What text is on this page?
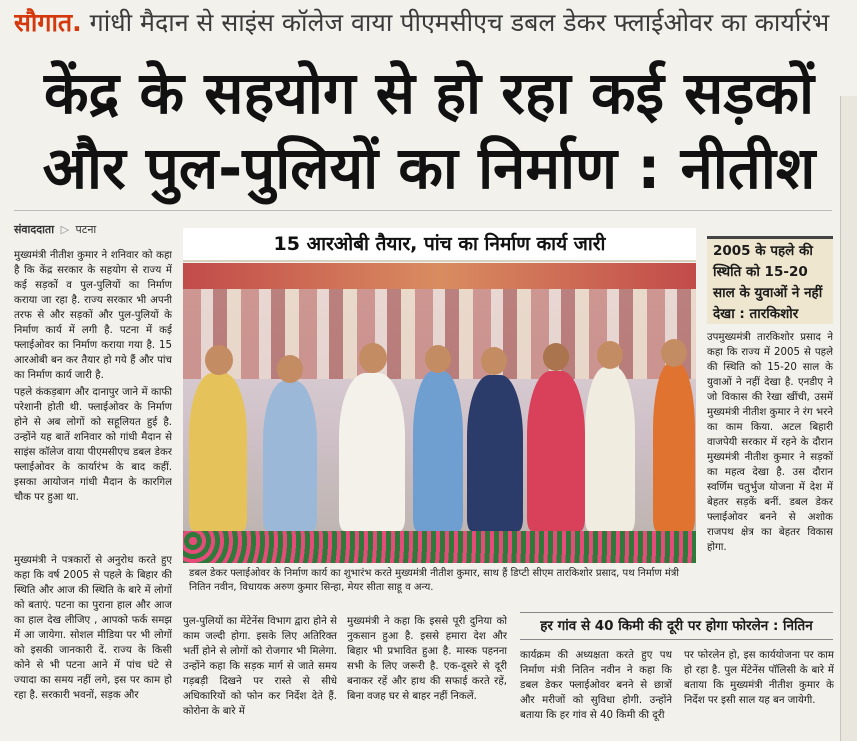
सौगात. गांधी मैदान से साइंस कॉलेज वाया पीएमसीएच डबल डेकर फ्लाईओवर का कार्यारंभ
केंद्र के सहयोग से हो रहा कई सड़कों
और पुल-पुलियों का निर्माण : नीतीश
संवाददाता ▷ पटना

मुख्यमंत्री नीतीश कुमार ने शनिवार को कहा है कि केंद्र सरकार के सहयोग से राज्य में कई सड़कों व पुल-पुलियों का निर्माण कराया जा रहा है. राज्य सरकार भी अपनी तरफ से और सड़कों और पुल-पुलियों के निर्माण कार्य में लगी है. पटना में कई फ्लाईओवर का निर्माण कराया गया है. 15 आरओबी बन कर तैयार हो गये हैं और पांच का निर्माण कार्य जारी है.

पहले कंकड़बाग और दानापुर जाने में काफी परेशानी होती थी. फ्लाईओवर के निर्माण होने से अब लोगों को सहूलियत हुई है. उन्होंने यह बातें शनिवार को गांधी मैदान से साइंस कॉलेज वाया पीएमसीएच डबल डेकर फ्लाईओवर के कार्यारंभ के बाद कहीं. इसका आयोजन गांधी मैदान के कारगिल चौक पर हुआ था.

मुख्यमंत्री ने पत्रकारों से अनुरोध करते हुए कहा कि वर्ष 2005 से पहले के बिहार की स्थिति और आज की स्थिति के बारे में लोगों को बताएं. पटना का पुराना हाल और आज का हाल देख लीजिए , आपको फर्क समझ में आ जायेगा. सोशल मीडिया पर भी लोगों को इसकी जानकारी दें. राज्य के किसी कोने से भी पटना आने में पांच घंटे से ज्यादा का समय नहीं लगे, इस पर काम हो रहा है. सरकारी भवनों, सड़क और

15 आरओबी तैयार, पांच का निर्माण कार्य जारी
डबल डेकर फ्लाईओवर के निर्माण कार्य का शुभारंभ करते मुख्यमंत्री नीतीश कुमार, साथ हैं डिप्टी सीएम तारकिशोर प्रसाद, पथ निर्माण मंत्री नितिन नवीन, विधायक अरुण कुमार सिन्हा, मेयर सीता साहू व अन्य.
2005 के पहले की स्थिति को 15-20 साल के युवाओं ने नहीं देखा : तारकिशोर
उपमुख्यमंत्री तारकिशोर प्रसाद ने कहा कि राज्य में 2005 से पहले की स्थिति को 15-20 साल के युवाओं ने नहीं देखा है. एनडीए ने जो विकास की रेखा खींची, उसमें मुख्यमंत्री नीतीश कुमार ने रंग भरने का काम किया. अटल बिहारी वाजपेयी सरकार में रहने के दौरान मुख्यमंत्री नीतीश कुमार ने सड़कों का महत्व देखा है. उस दौरान स्वर्णिम चतुर्भुज योजना में देश में बेहतर सड़कें बनीं. डबल डेकर फ्लाईओवर बनने से अशोक राजपथ क्षेत्र का बेहतर विकास होगा.
पुल-पुलियों का मेंटेनेंस विभाग द्वारा होने से काम जल्दी होगा. इसके लिए अतिरिक्त भर्ती होने से लोगों को रोजगार भी मिलेगा. उन्होंने कहा कि सड़क मार्ग से जाते समय गड़बड़ी दिखने पर रास्ते से सीधे अधिकारियों को फोन कर निर्देश देते हैं. कोरोना के बारे में
मुख्यमंत्री ने कहा कि इससे पूरी दुनिया को नुकसान हुआ है. इससे हमारा देश और बिहार भी प्रभावित हुआ है. मास्क पहनना सभी के लिए जरूरी है. एक-दूसरे से दूरी बनाकर रहें और हाथ की सफाई करते रहें, बिना वजह घर से बाहर नहीं निकलें.
हर गांव से 40 किमी की दूरी पर होगा फोरलेन : नितिन
कार्यक्रम की अध्यक्षता करते हुए पथ निर्माण मंत्री नितिन नवीन ने कहा कि डबल डेकर फ्लाईओवर बनने से छात्रों और मरीजों को सुविधा होगी. उन्होंने बताया कि हर गांव से 40 किमी की दूरी
पर फोरलेन हो, इस कार्ययोजना पर काम हो रहा है. पुल मेंटेनेंस पॉलिसी के बारे में बताया कि मुख्यमंत्री नीतीश कुमार के निर्देश पर इसी साल यह बन जायेगी.
